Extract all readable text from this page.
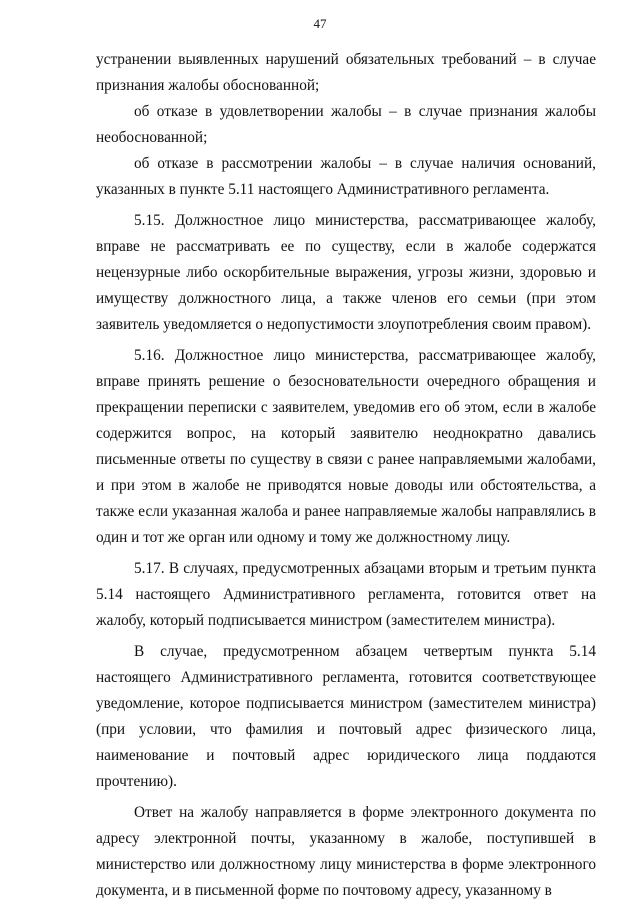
47

устранении выявленных нарушений обязательных требований – в случае признания жалобы обоснованной;

об отказе в удовлетворении жалобы – в случае признания жалобы необоснованной;

об отказе в рассмотрении жалобы – в случае наличия оснований, указанных в пункте 5.11 настоящего Административного регламента.

5.15. Должностное лицо министерства, рассматривающее жалобу, вправе не рассматривать ее по существу, если в жалобе содержатся нецензурные либо оскорбительные выражения, угрозы жизни, здоровью и имуществу должностного лица, а также членов его семьи (при этом заявитель уведомляется о недопустимости злоупотребления своим правом).

5.16. Должностное лицо министерства, рассматривающее жалобу, вправе принять решение о безосновательности очередного обращения и прекращении переписки с заявителем, уведомив его об этом, если в жалобе содержится вопрос, на который заявителю неоднократно давались письменные ответы по существу в связи с ранее направляемыми жалобами, и при этом в жалобе не приводятся новые доводы или обстоятельства, а также если указанная жалоба и ранее направляемые жалобы направлялись в один и тот же орган или одному и тому же должностному лицу.

5.17. В случаях, предусмотренных абзацами вторым и третьим пункта 5.14 настоящего Административного регламента, готовится ответ на жалобу, который подписывается министром (заместителем министра).

В случае, предусмотренном абзацем четвертым пункта 5.14 настоящего Административного регламента, готовится соответствующее уведомление, которое подписывается министром (заместителем министра) (при условии, что фамилия и почтовый адрес физического лица, наименование и почтовый адрес юридического лица поддаются прочтению).

Ответ на жалобу направляется в форме электронного документа по адресу электронной почты, указанному в жалобе, поступившей в министерство или должностному лицу министерства в форме электронного документа, и в письменной форме по почтовому адресу, указанному в
